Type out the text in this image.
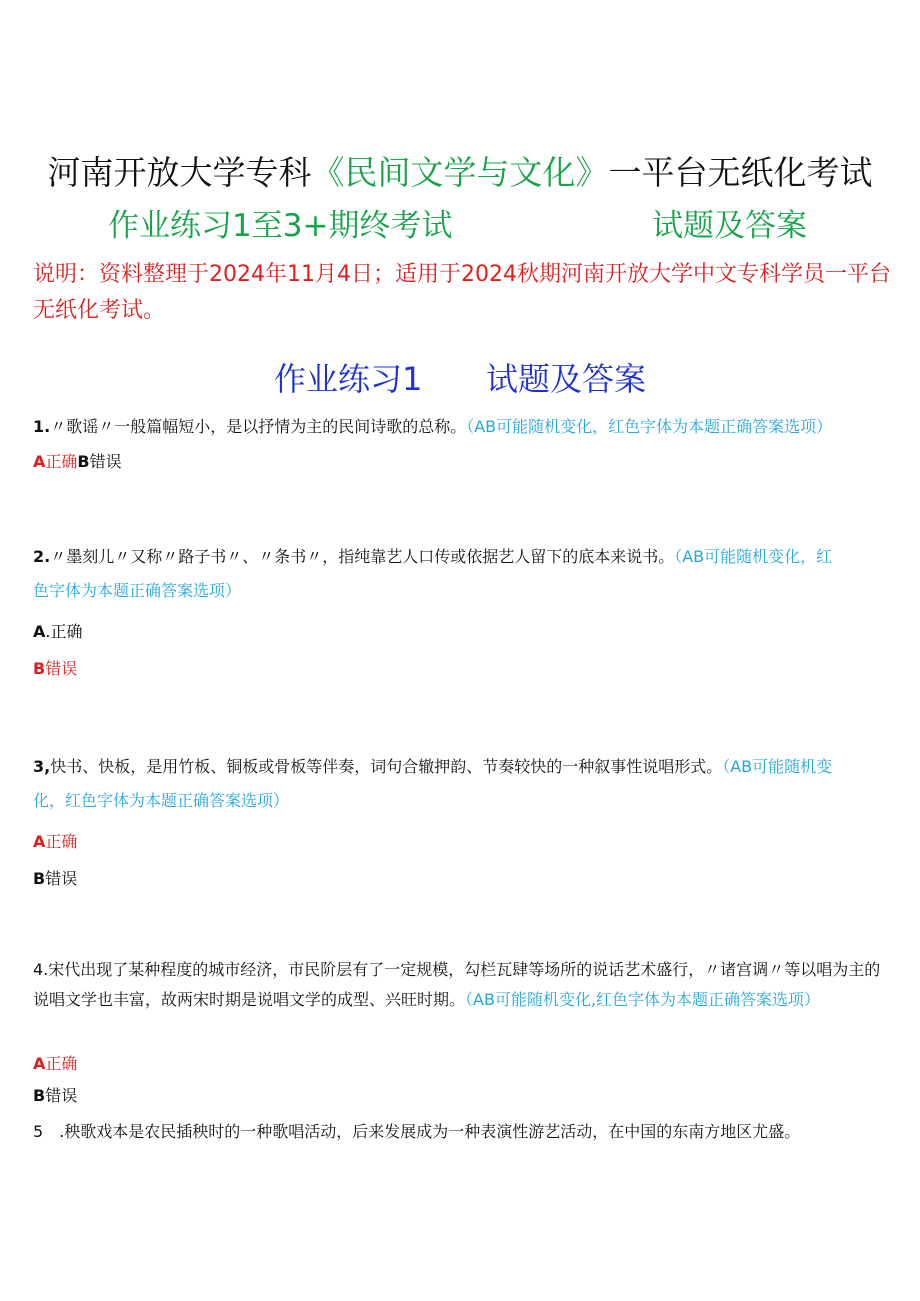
河南开放大学专科《民间文学与文化》一平台无纸化考试
作业练习1至3+期终考试	试题及答案
说明：资料整理于2024年11月4日；适用于2024秋期河南开放大学中文专科学员一平台无纸化考试。
作业练习1 试题及答案
1.〃歌谣〃一般篇幅短小，是以抒情为主的民间诗歌的总称。（AB可能随机变化，红色字体为本题正确答案选项）
A正确B错误
2.〃墨刻儿〃又称〃路子书〃、〃条书〃，指纯靠艺人口传或依据艺人留下的底本来说书。（AB可能随机变化，红色字体为本题正确答案选项）
A.正确
B错误
3,快书、快板，是用竹板、铜板或骨板等伴奏，词句合辙押韵、节奏较快的一种叙事性说唱形式。（AB可能随机变化，红色字体为本题正确答案选项）
A正确
B错误
4.宋代出现了某种程度的城市经济，市民阶层有了一定规模，勾栏瓦肆等场所的说话艺术盛行，〃诸宫调〃等以唱为主的说唱文学也丰富，故两宋时期是说唱文学的成型、兴旺时期。（AB可能随机变化,红色字体为本题正确答案选项）
A正确
B错误
5 .秧歌戏本是农民插秧时的一种歌唱活动，后来发展成为一种表演性游艺活动，在中国的东南方地区尤盛。
